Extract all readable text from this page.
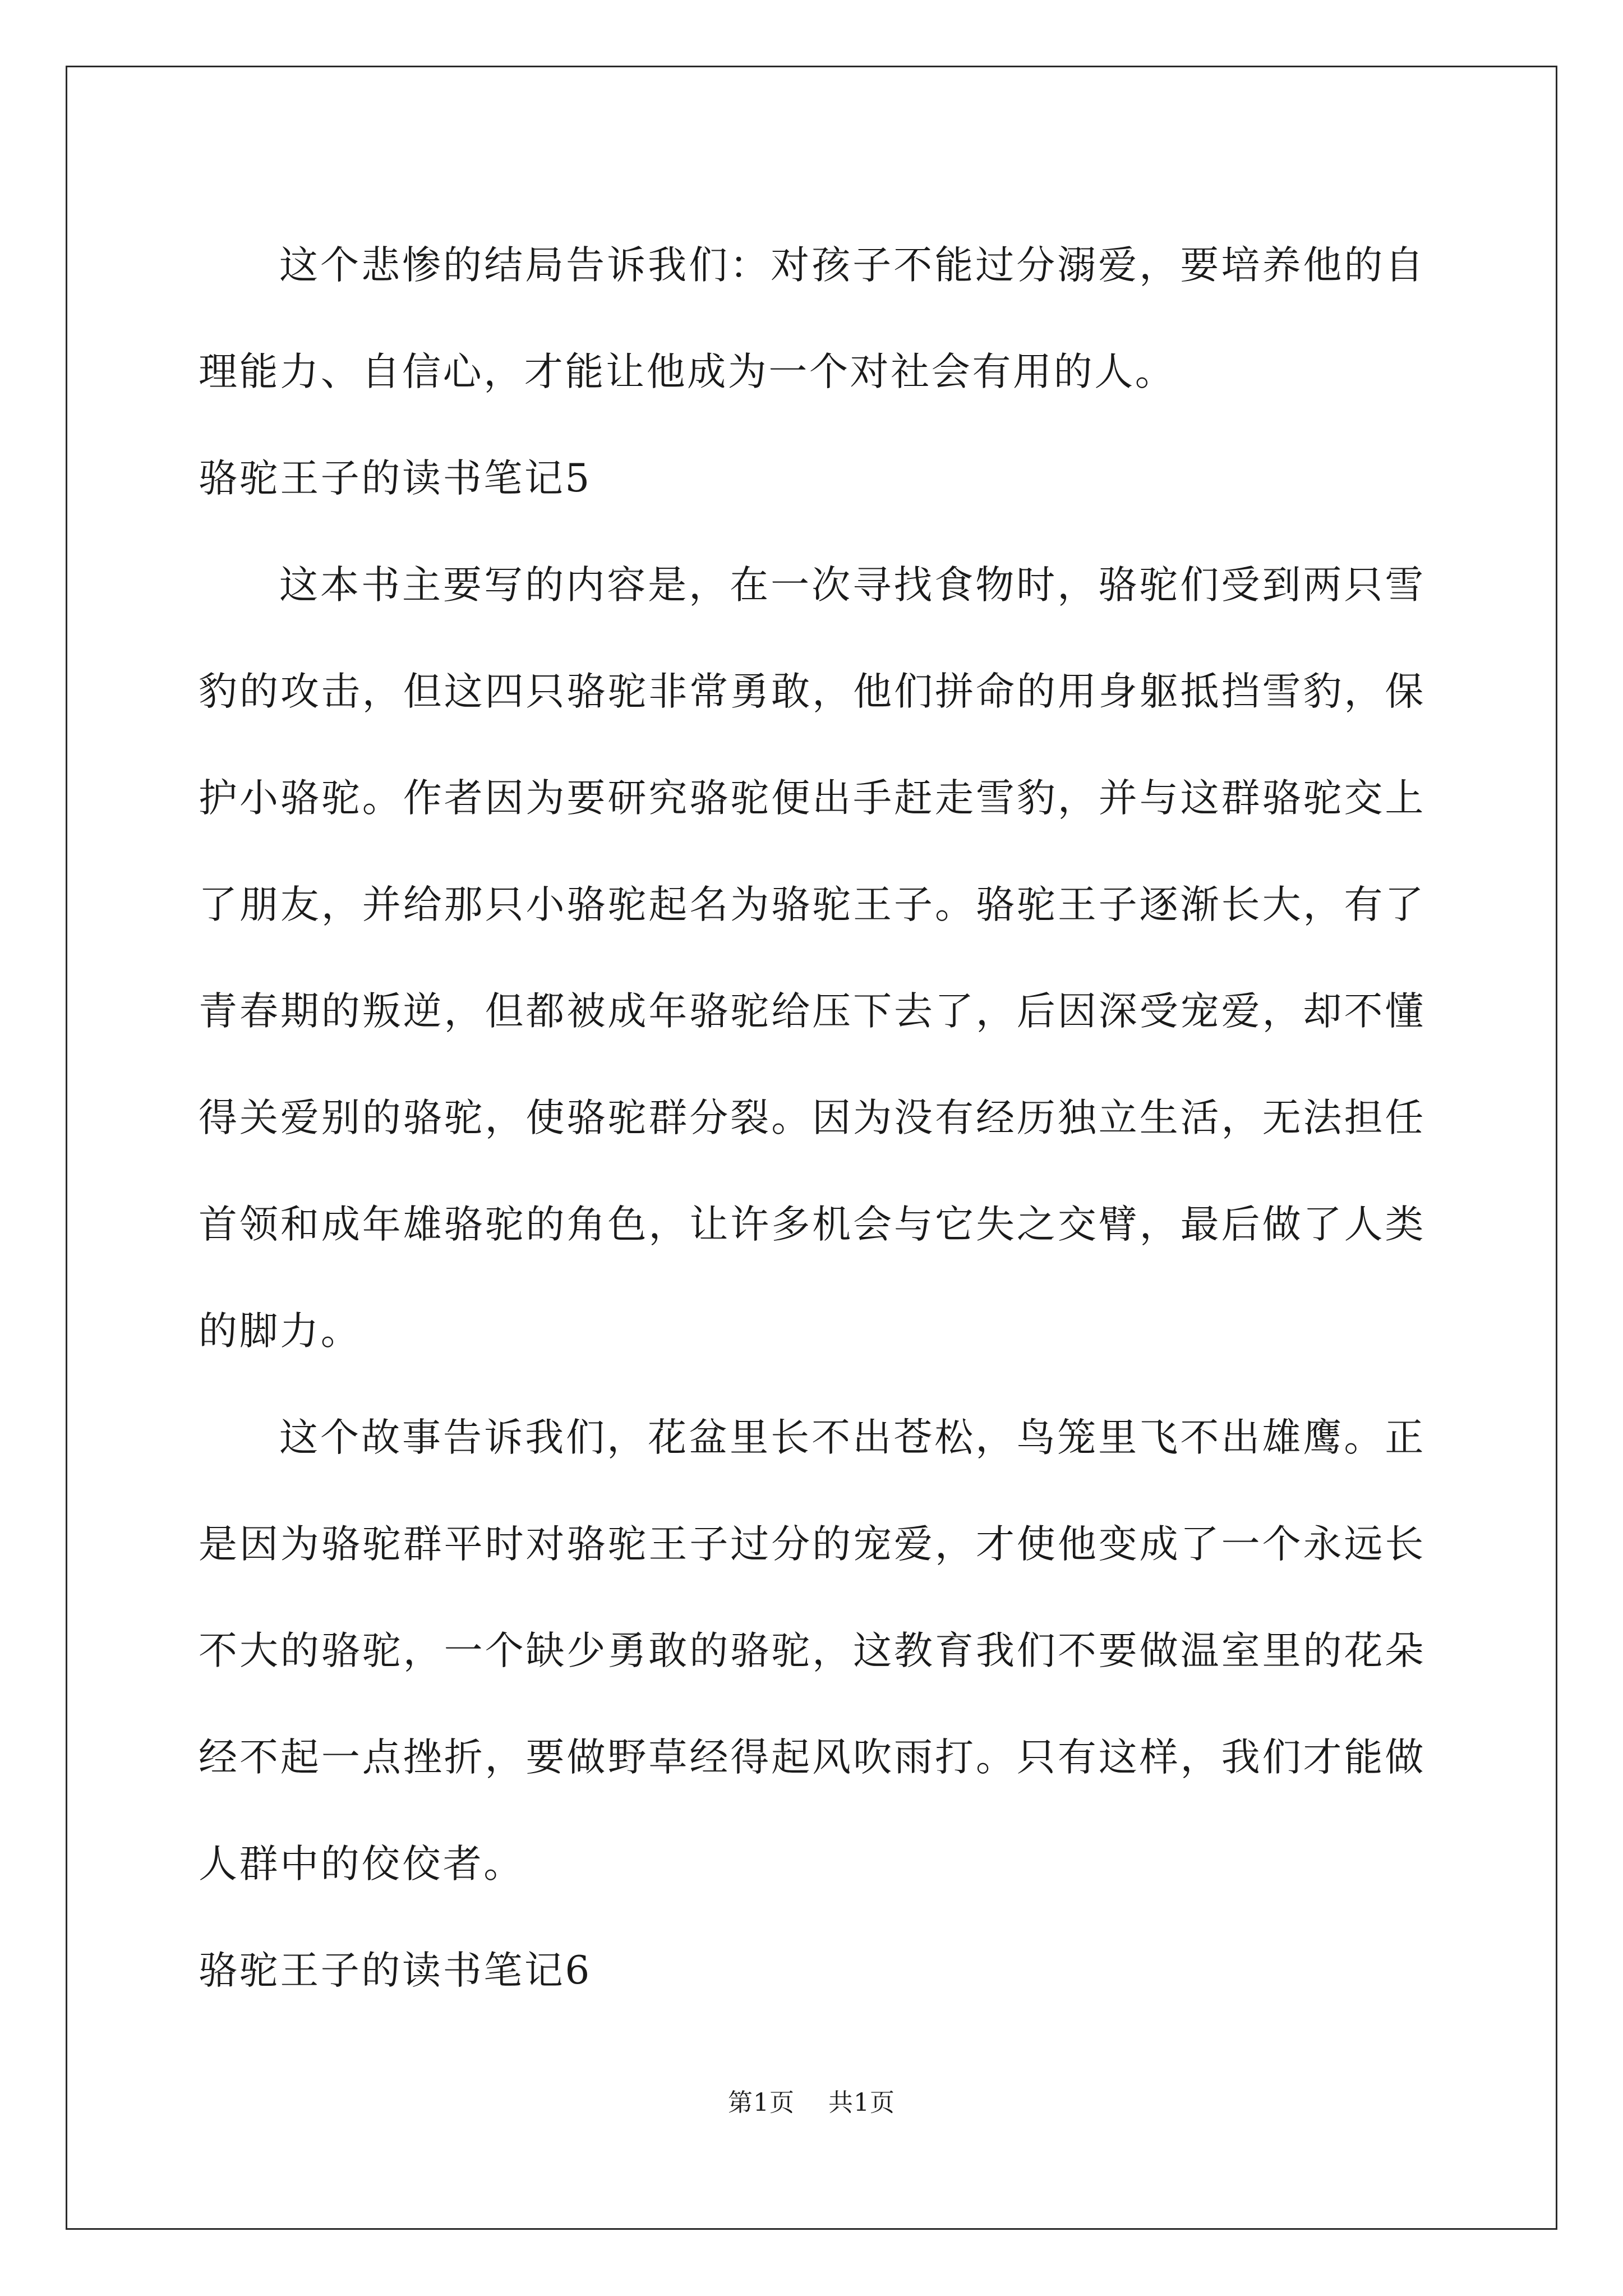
这个悲惨的结局告诉我们：对孩子不能过分溺爱，要培养他的自理能力、自信心，才能让他成为一个对社会有用的人。

骆驼王子的读书笔记5

这本书主要写的内容是，在一次寻找食物时，骆驼们受到两只雪豹的攻击，但这四只骆驼非常勇敢，他们拼命的用身躯抵挡雪豹，保护小骆驼。作者因为要研究骆驼便出手赶走雪豹，并与这群骆驼交上了朋友，并给那只小骆驼起名为骆驼王子。骆驼王子逐渐长大，有了青春期的叛逆，但都被成年骆驼给压下去了，后因深受宠爱，却不懂得关爱别的骆驼，使骆驼群分裂。因为没有经历独立生活，无法担任首领和成年雄骆驼的角色，让许多机会与它失之交臂，最后做了人类的脚力。

这个故事告诉我们，花盆里长不出苍松，鸟笼里飞不出雄鹰。正是因为骆驼群平时对骆驼王子过分的宠爱，才使他变成了一个永远长不大的骆驼，一个缺少勇敢的骆驼，这教育我们不要做温室里的花朵经不起一点挫折，要做野草经得起风吹雨打。只有这样，我们才能做人群中的佼佼者。

骆驼王子的读书笔记6

第1页 共1页
